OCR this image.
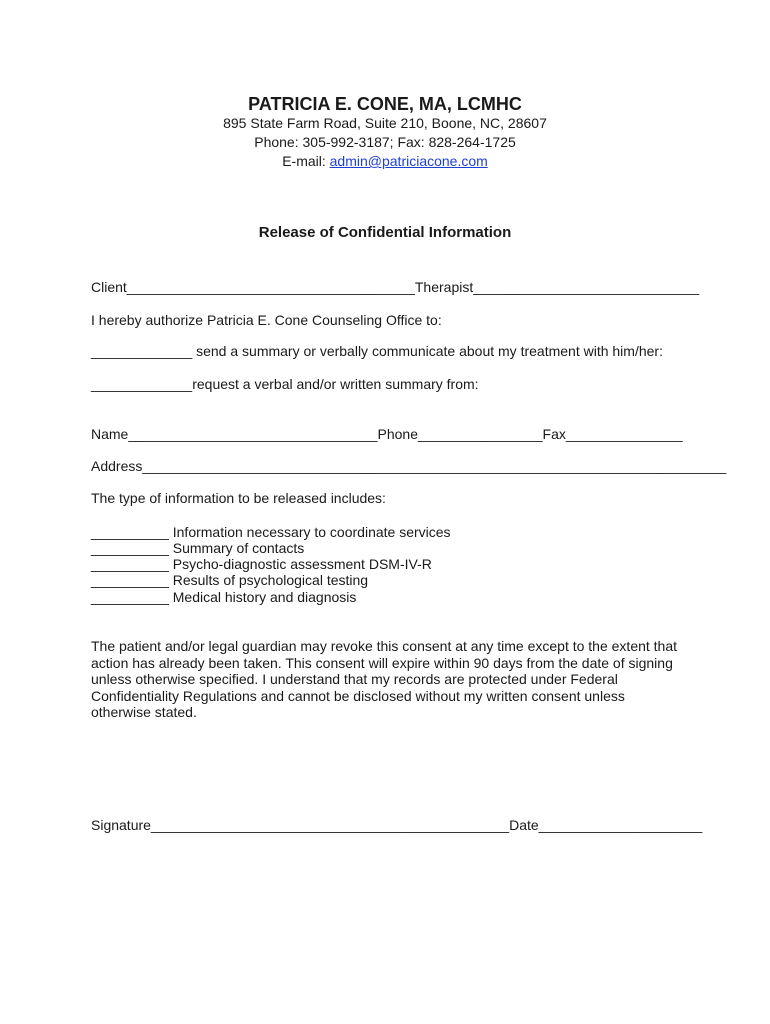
PATRICIA E. CONE, MA, LCMHC
895 State Farm Road, Suite 210, Boone, NC, 28607
Phone: 305-992-3187; Fax: 828-264-1725
E-mail: admin@patriciacone.com
Release of Confidential Information
Client_____________________________________Therapist_____________________________
I hereby authorize Patricia E. Cone Counseling Office to:
_____________ send a summary or verbally communicate about my treatment with him/her:
_____________request a verbal and/or written summary from:
Name________________________________Phone________________Fax_______________
Address___________________________________________________________________________
The type of information to be released includes:
__________ Information necessary to coordinate services
__________ Summary of contacts
__________ Psycho-diagnostic assessment DSM-IV-R
__________ Results of psychological testing
__________ Medical history and diagnosis
The patient and/or legal guardian may revoke this consent at any time except to the extent that
action has already been taken. This consent will expire within 90 days from the date of signing
unless otherwise specified. I understand that my records are protected under Federal
Confidentiality Regulations and cannot be disclosed without my written consent unless
otherwise stated.
Signature______________________________________________Date_____________________
